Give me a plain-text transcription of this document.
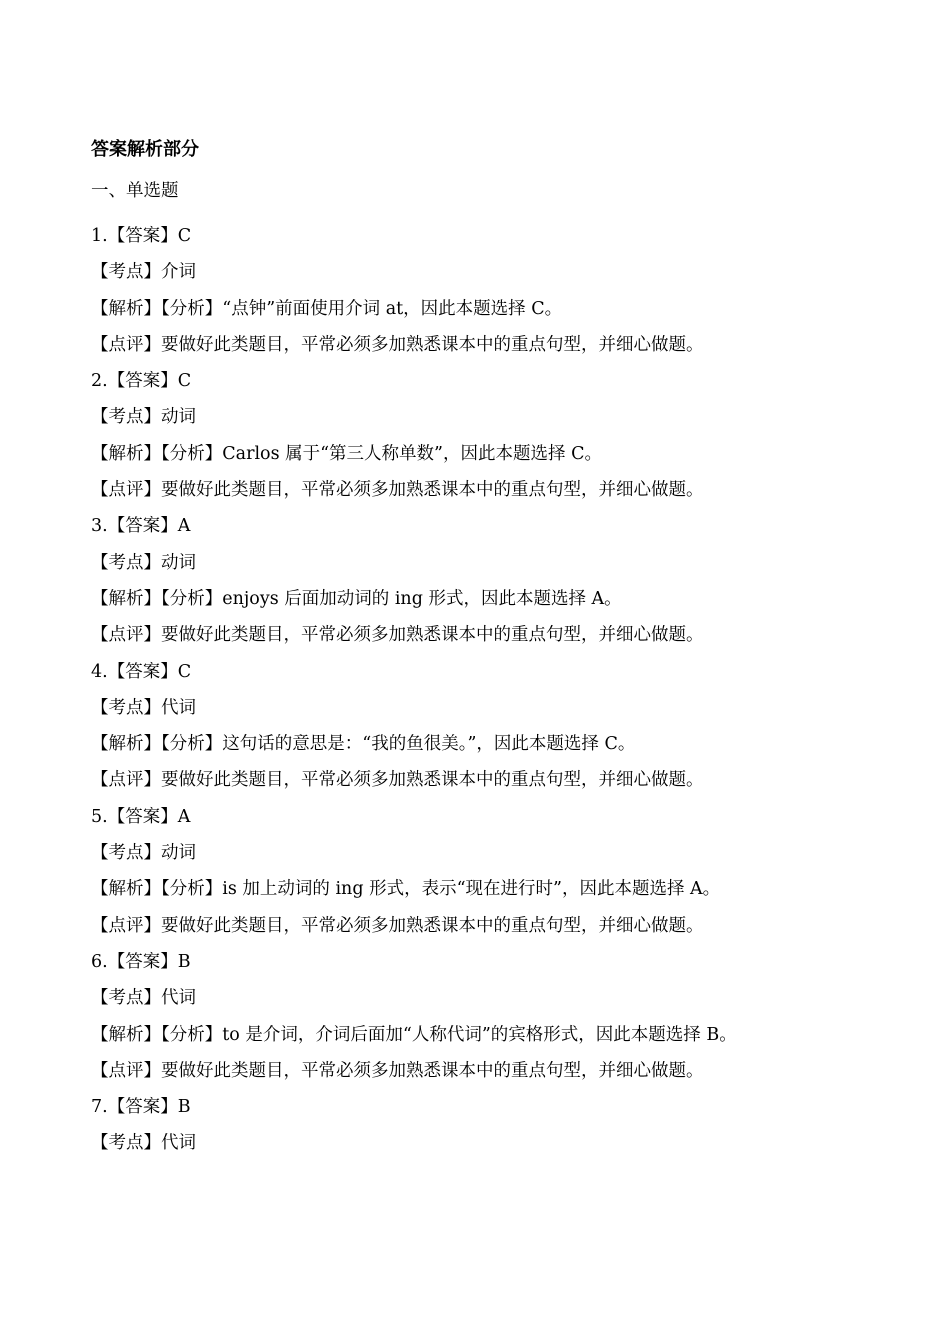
答案解析部分
一、单选题
1.【答案】C
【考点】介词
【解析】【分析】“点钟”前面使用介词 at，因此本题选择 C。
【点评】要做好此类题目，平常必须多加熟悉课本中的重点句型，并细心做题。
2.【答案】C
【考点】动词
【解析】【分析】Carlos 属于“第三人称单数”，因此本题选择 C。
【点评】要做好此类题目，平常必须多加熟悉课本中的重点句型，并细心做题。
3.【答案】A
【考点】动词
【解析】【分析】enjoys 后面加动词的 ing 形式，因此本题选择 A。
【点评】要做好此类题目，平常必须多加熟悉课本中的重点句型，并细心做题。
4.【答案】C
【考点】代词
【解析】【分析】这句话的意思是：“我的鱼很美。”，因此本题选择 C。
【点评】要做好此类题目，平常必须多加熟悉课本中的重点句型，并细心做题。
5.【答案】A
【考点】动词
【解析】【分析】is 加上动词的 ing 形式，表示“现在进行时”，因此本题选择 A。
【点评】要做好此类题目，平常必须多加熟悉课本中的重点句型，并细心做题。
6.【答案】B
【考点】代词
【解析】【分析】to 是介词，介词后面加“人称代词”的宾格形式，因此本题选择 B。
【点评】要做好此类题目，平常必须多加熟悉课本中的重点句型，并细心做题。
7.【答案】B
【考点】代词
